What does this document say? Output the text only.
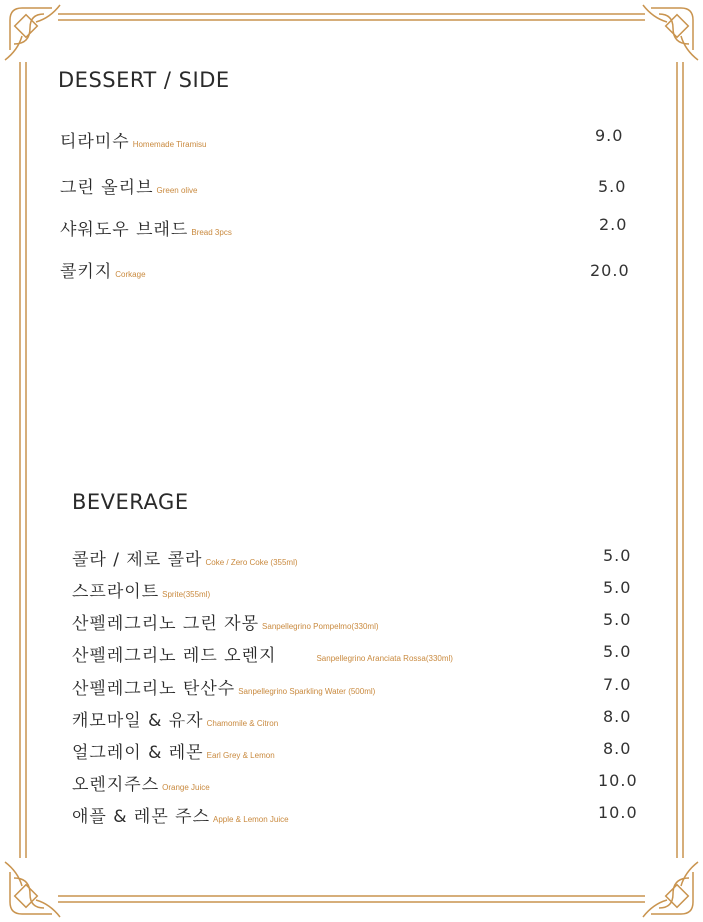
DESSERT / SIDE
티라미수 Homemade Tiramisu	9.0
그린 올리브 Green olive	5.0
샤워도우 브래드 Bread 3pcs	2.0
콜키지 Corkage	20.0
BEVERAGE
콜라 / 제로 콜라 Coke / Zero Coke (355ml)	5.0
스프라이트 Sprite(355ml)	5.0
산펠레그리노 그린 자몽 Sanpellegrino Pompelmo(330ml)	5.0
산펠레그리노 레드 오렌지	Sanpellegrino Aranciata Rossa(330ml)	5.0
산펠레그리노 탄산수 Sanpellegrino Sparkling Water (500ml)	7.0
캐모마일 & 유자 Chamomile & Citron	8.0
얼그레이 & 레몬 Earl Grey & Lemon	8.0
오렌지주스 Orange Juice	10.0
애플 & 레몬 주스 Apple & Lemon Juice	10.0
